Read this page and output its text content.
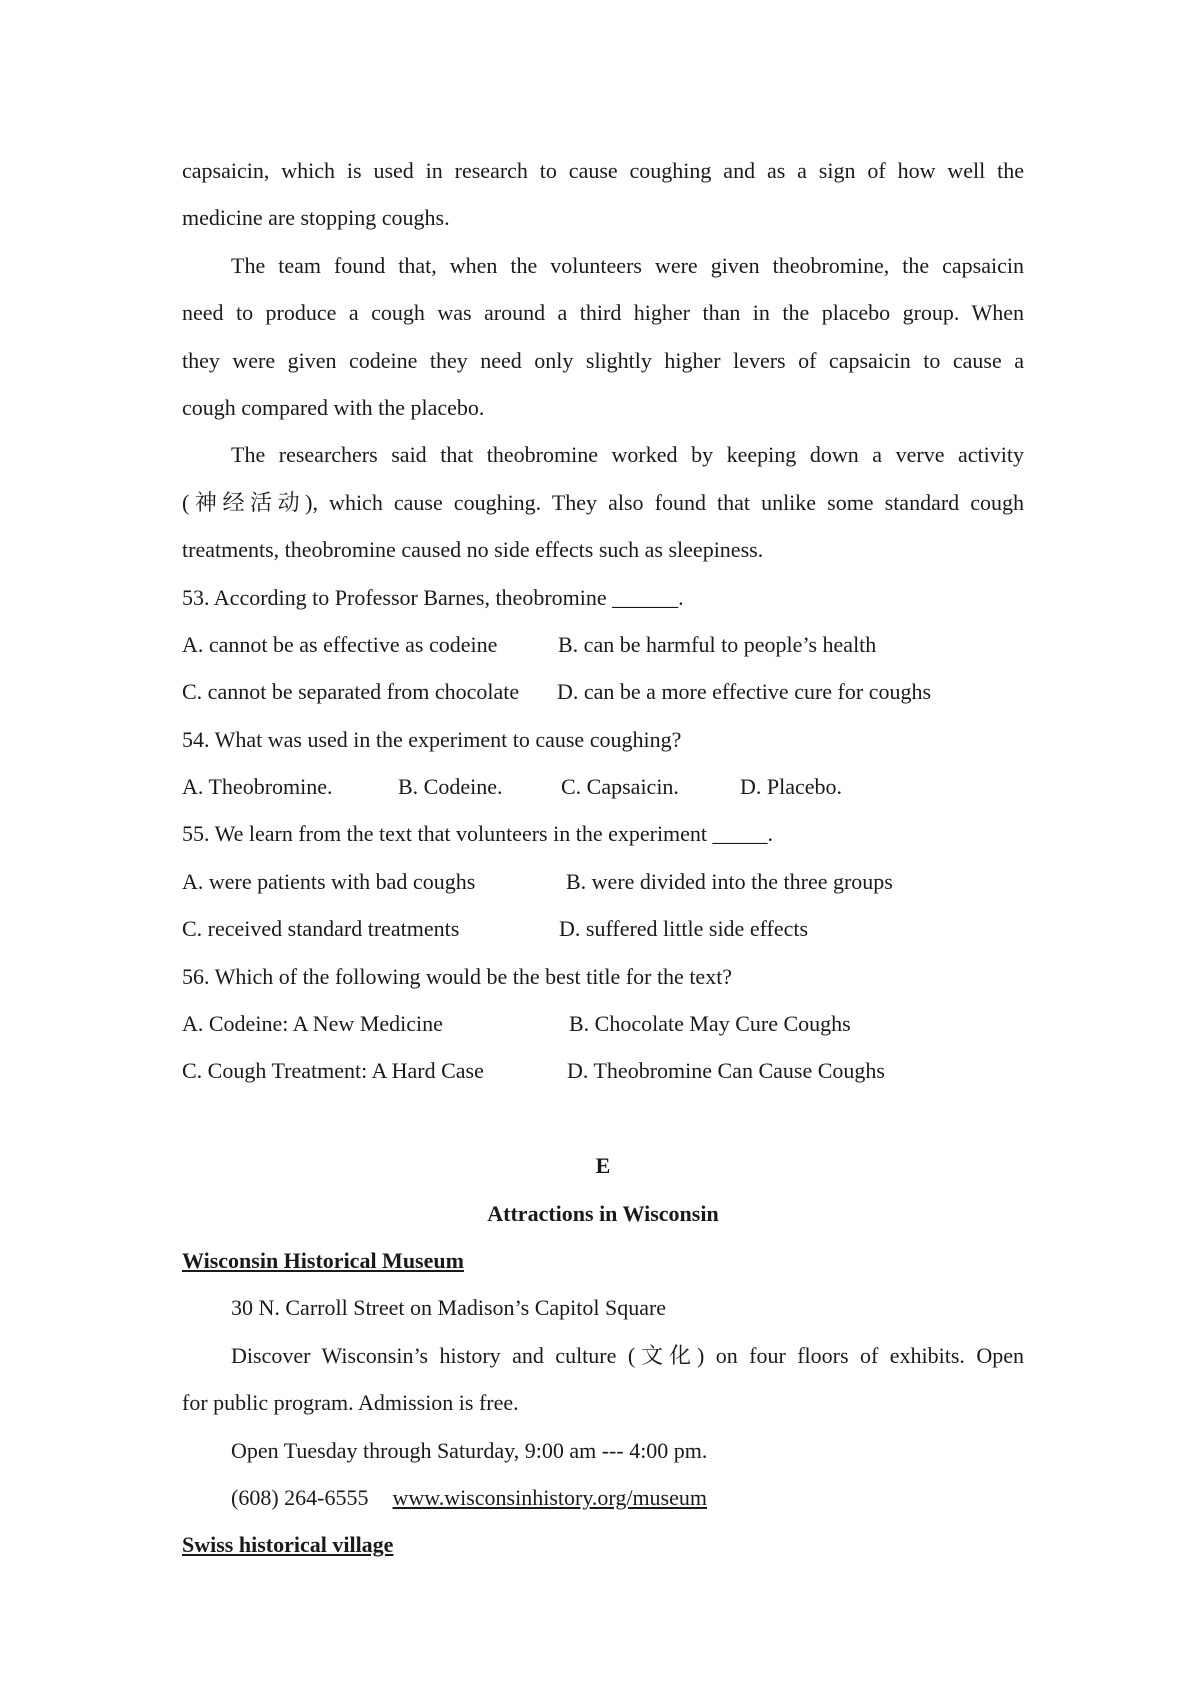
capsaicin, which is used in research to cause coughing and as a sign of how well the
medicine are stopping coughs.
The team found that, when the volunteers were given theobromine, the capsaicin
need to produce a cough was around a third higher than in the placebo group. When
they were given codeine they need only slightly higher levers of capsaicin to cause a
cough compared with the placebo.
The researchers said that theobromine worked by keeping down a verve activity
(神经活动), which cause coughing. They also found that unlike some standard cough
treatments, theobromine caused no side effects such as sleepiness.
53. According to Professor Barnes, theobromine ______.
A. cannot be as effective as codeine	B. can be harmful to people’s health
C. cannot be separated from chocolate D. can be a more effective cure for coughs
54. What was used in the experiment to cause coughing?
A. Theobromine.	B. Codeine.	C. Capsaicin.	D. Placebo.
55. We learn from the text that volunteers in the experiment _____.
A. were patients with bad coughs	B. were divided into the three groups
C. received standard treatments	D. suffered little side effects
56. Which of the following would be the best title for the text?
A. Codeine: A New Medicine	B. Chocolate May Cure Coughs
C. Cough Treatment: A Hard Case	D. Theobromine Can Cause Coughs
E
Attractions in Wisconsin
Wisconsin Historical Museum
30 N. Carroll Street on Madison’s Capitol Square
Discover Wisconsin’s history and culture (文化) on four floors of exhibits. Open
for public program. Admission is free.
Open Tuesday through Saturday, 9:00 am --- 4:00 pm.
(608) 264-6555 www.wisconsinhistory.org/museum
Swiss historical village
